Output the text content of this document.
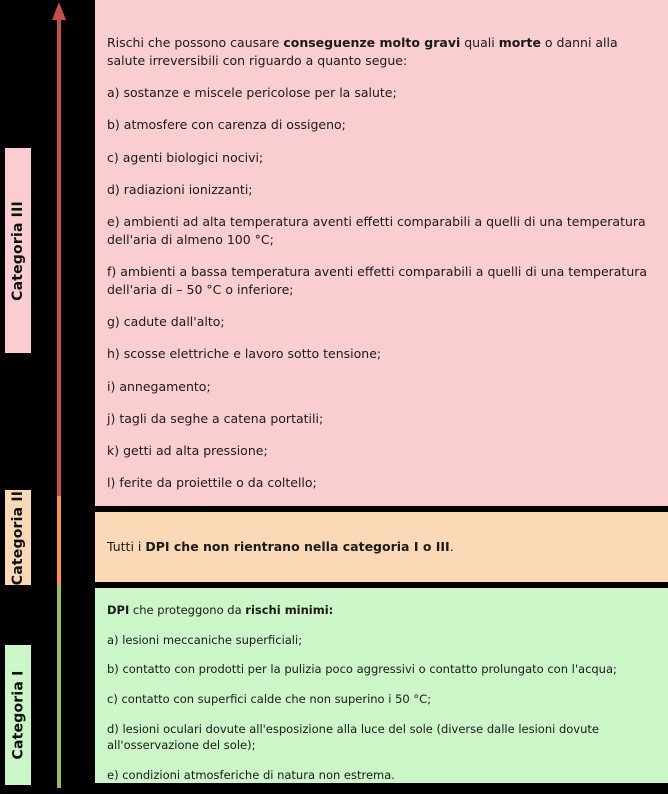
Categoria III
Categoria II
Categoria I

Rischi che possono causare conseguenze molto gravi quali morte o danni alla salute irreversibili con riguardo a quanto segue:

a) sostanze e miscele pericolose per la salute;

b) atmosfere con carenza di ossigeno;

c) agenti biologici nocivi;

d) radiazioni ionizzanti;

e) ambienti ad alta temperatura aventi effetti comparabili a quelli di una temperatura dell'aria di almeno 100 °C;

f) ambienti a bassa temperatura aventi effetti comparabili a quelli di una temperatura dell'aria di – 50 °C o inferiore;

g) cadute dall'alto;

h) scosse elettriche e lavoro sotto tensione;

i) annegamento;

j) tagli da seghe a catena portatili;

k) getti ad alta pressione;

l) ferite da proiettile o da coltello;

Tutti i DPI che non rientrano nella categoria I o III.

DPI che proteggono da rischi minimi:

a) lesioni meccaniche superficiali;

b) contatto con prodotti per la pulizia poco aggressivi o contatto prolungato con l'acqua;

c) contatto con superfici calde che non superino i 50 °C;

d) lesioni oculari dovute all'esposizione alla luce del sole (diverse dalle lesioni dovute all'osservazione del sole);

e) condizioni atmosferiche di natura non estrema.
